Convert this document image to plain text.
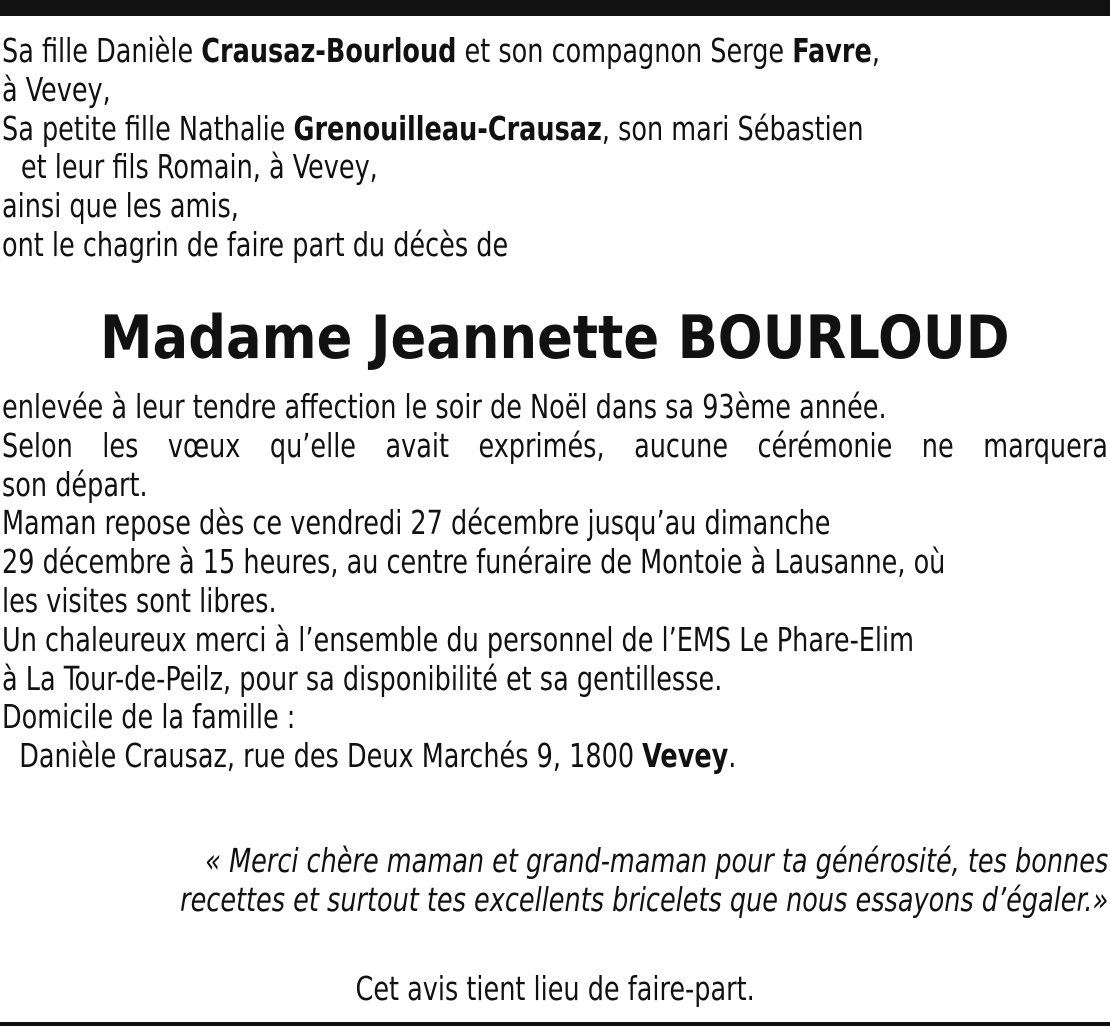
Sa fille Danièle Crausaz-Bourloud et son compagnon Serge Favre,
à Vevey,
Sa petite fille Nathalie Grenouilleau-Crausaz, son mari Sébastien
et leur fils Romain, à Vevey,
ainsi que les amis,
ont le chagrin de faire part du décès de
Madame Jeannette BOURLOUD
enlevée à leur tendre affection le soir de Noël dans sa 93ème année.
Selon les vœux qu’elle avait exprimés, aucune cérémonie ne marquera
son départ.
Maman repose dès ce vendredi 27 décembre jusqu’au dimanche
29 décembre à 15 heures, au centre funéraire de Montoie à Lausanne, où
les visites sont libres.
Un chaleureux merci à l’ensemble du personnel de l’EMS Le Phare-Elim
à La Tour-de-Peilz, pour sa disponibilité et sa gentillesse.
Domicile de la famille :
Danièle Crausaz, rue des Deux Marchés 9, 1800 Vevey.
« Merci chère maman et grand-maman pour ta générosité, tes bonnes
recettes et surtout tes excellents bricelets que nous essayons d’égaler.»
Cet avis tient lieu de faire-part.
